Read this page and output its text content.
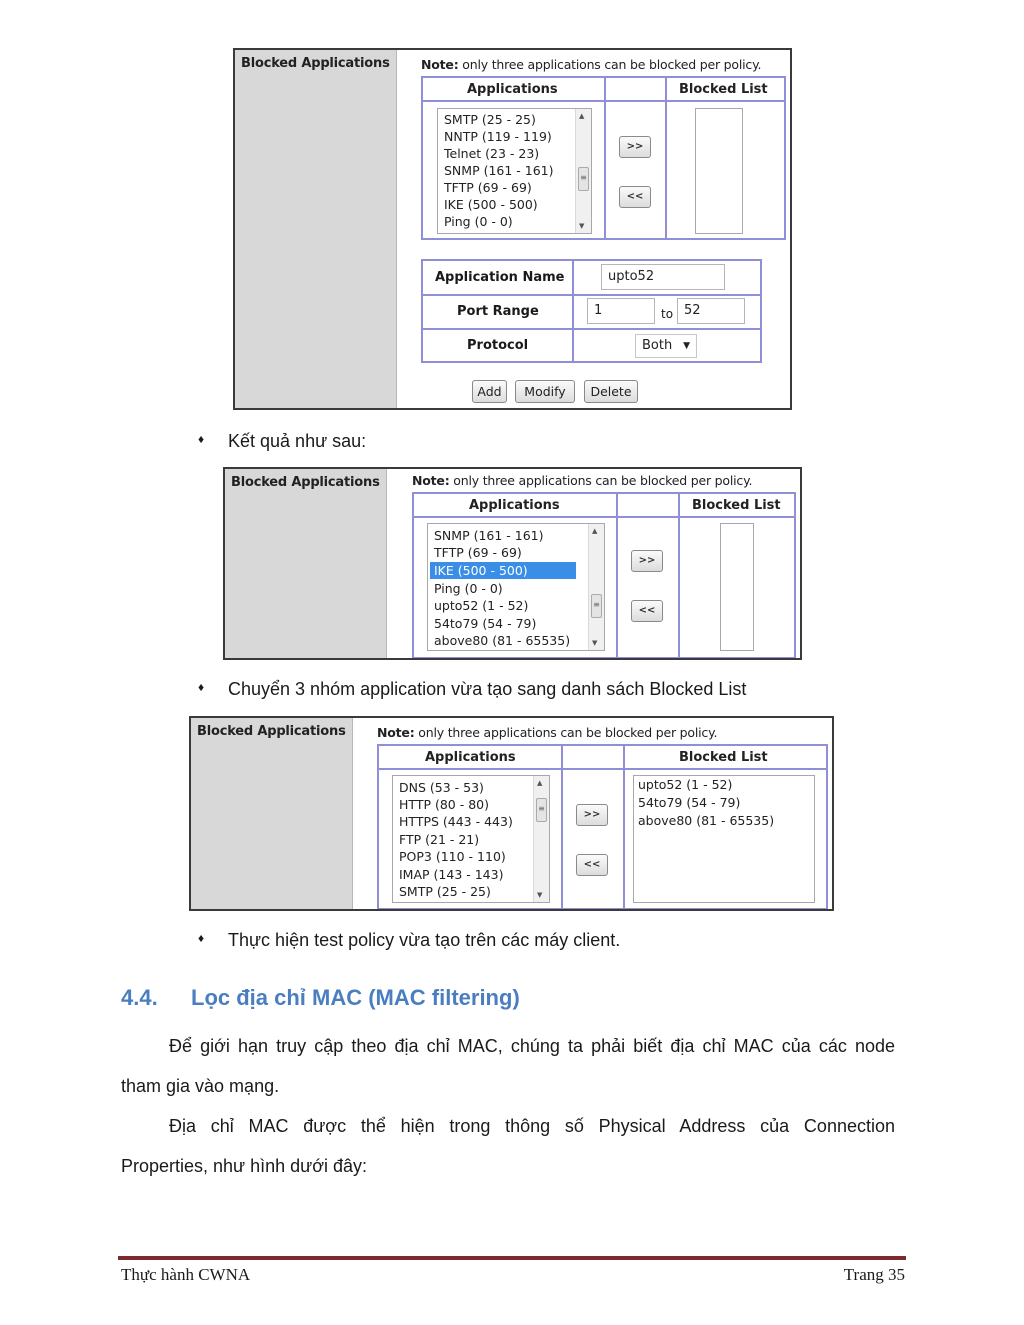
Blocked Applications	Note: only three applications can be blocked per policy.
Applications	Blocked List
SMTP (25 - 25)
NNTP (119 - 119)
Telnet (23 - 23)
SNMP (161 - 161)
TFTP (69 - 69)
IKE (500 - 500)
Ping (0 - 0)
▲
≡
▼
>>
<<
Application Name	upto52
Port Range	1	to 52
Protocol	Both ▼
Add	Modify	Delete
♦ Kết quả như sau:
Blocked Applications	Note: only three applications can be blocked per policy.
Applications	Blocked List
SNMP (161 - 161)
TFTP (69 - 69)
IKE (500 - 500)
Ping (0 - 0)
upto52 (1 - 52)
54to79 (54 - 79)
above80 (81 - 65535)
▲
≡
▼
>>
<<
♦ Chuyển 3 nhóm application vừa tạo sang danh sách Blocked List
Blocked Applications	Note: only three applications can be blocked per policy.
Applications	Blocked List
DNS (53 - 53)
HTTP (80 - 80)
HTTPS (443 - 443)
FTP (21 - 21)
POP3 (110 - 110)
IMAP (143 - 143)
SMTP (25 - 25)
▲
≡
▼
>>
<<
upto52 (1 - 52)
54to79 (54 - 79)
above80 (81 - 65535)
♦ Thực hiện test policy vừa tạo trên các máy client.
4.4. Lọc địa chỉ MAC (MAC filtering)
Để giới hạn truy cập theo địa chỉ MAC, chúng ta phải biết địa chỉ MAC của các node
tham gia vào mạng.
Địa chỉ MAC được thể hiện trong thông số Physical Address của Connection
Properties, như hình dưới đây:
Thực hành CWNA	Trang 35
